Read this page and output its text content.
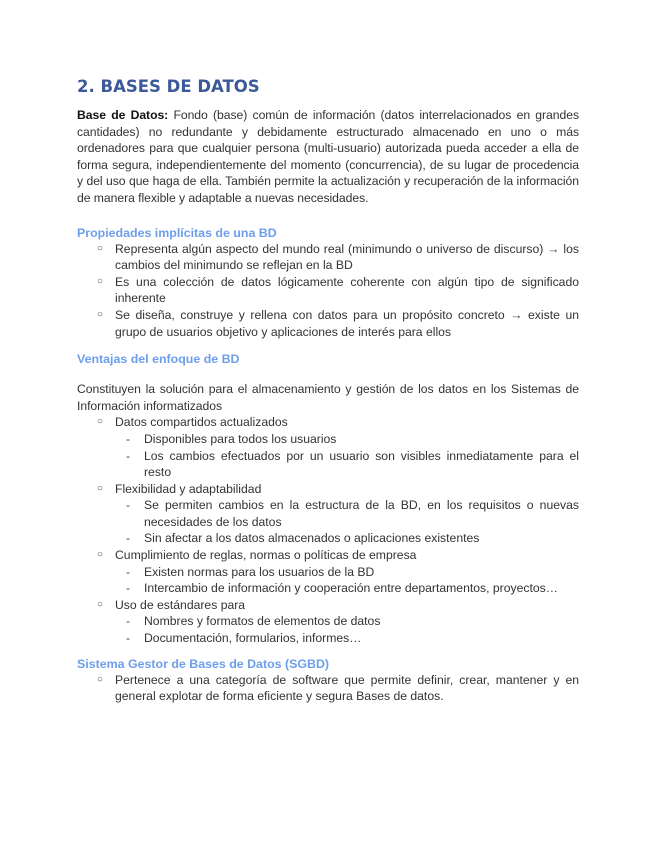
2. BASES DE DATOS

Base de Datos: Fondo (base) común de información (datos interrelacionados en grandes cantidades) no redundante y debidamente estructurado almacenado en uno o más ordenadores para que cualquier persona (multi-usuario) autorizada pueda acceder a ella de forma segura, independientemente del momento (concurrencia), de su lugar de procedencia y del uso que haga de ella. También permite la actualización y recuperación de la información de manera flexible y adaptable a nuevas necesidades.

Propiedades implícitas de una BD
○ Representa algún aspecto del mundo real (minimundo o universo de discurso) → los cambios del minimundo se reflejan en la BD
○ Es una colección de datos lógicamente coherente con algún tipo de significado inherente
○ Se diseña, construye y rellena con datos para un propósito concreto → existe un grupo de usuarios objetivo y aplicaciones de interés para ellos
Ventajas del enfoque de BD

Constituyen la solución para el almacenamiento y gestión de los datos en los Sistemas de Información informatizados

○ Datos compartidos actualizados
- Disponibles para todos los usuarios
- Los cambios efectuados por un usuario son visibles inmediatamente para el resto
○ Flexibilidad y adaptabilidad
- Se permiten cambios en la estructura de la BD, en los requisitos o nuevas necesidades de los datos
- Sin afectar a los datos almacenados o aplicaciones existentes
○ Cumplimiento de reglas, normas o políticas de empresa
- Existen normas para los usuarios de la BD
- Intercambio de información y cooperación entre departamentos, proyectos…
○ Uso de estándares para
- Nombres y formatos de elementos de datos
- Documentación, formularios, informes…
Sistema Gestor de Bases de Datos (SGBD)
○ Pertenece a una categoría de software que permite definir, crear, mantener y en general explotar de forma eficiente y segura Bases de datos.
